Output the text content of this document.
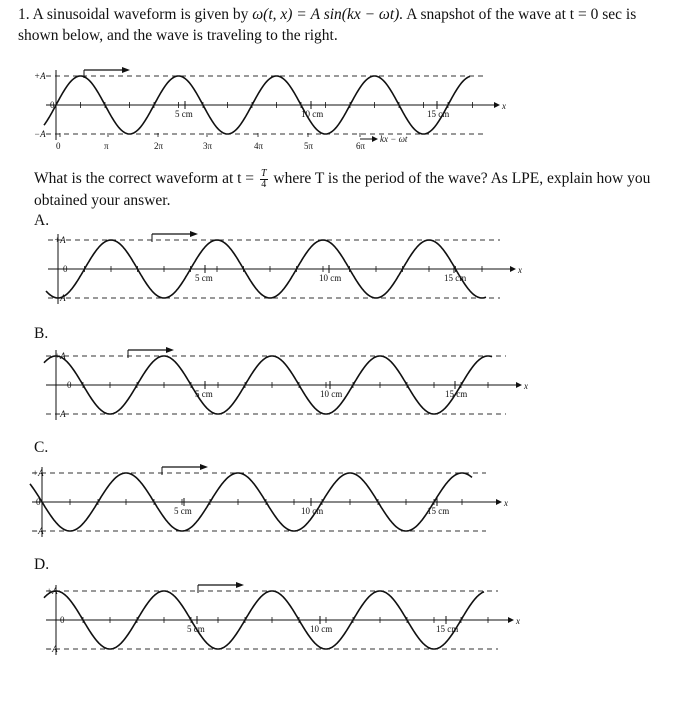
1. A sinusoidal waveform is given by ω(t, x) = A sin(kx − ωt). A snapshot of the wave at t = 0 sec is shown below, and the wave is traveling to the right.
What is the correct waveform at $t = \frac{T}{4}$ where T is the period of the wave? As LPE, explain how you obtained your answer.
A.
B.
C.
D.
x
5 cm	10 cm	15 cm
+A
−A
0
0	π	2π	3π	4π	5π	6π
kx − ωt
x
5 cm	10 cm	15 cm
+A
−A
0
x
5 cm	10 cm	15 cm
+A
−A
0
x
5 cm	10 cm	15 cm
+A
−A
0
x
5 cm	10 cm	15 cm
+A
−A
0
